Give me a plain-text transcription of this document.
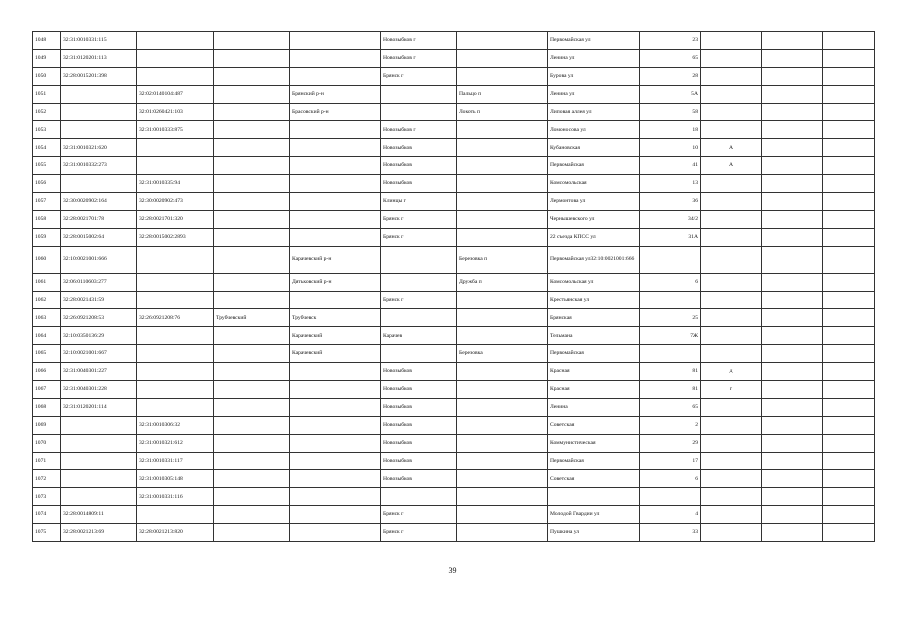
1048	32:31:0010331:115				Новозыбков г		Первомайская ул	23			
1049	32:31:0120201:113				Новозыбков г		Ленина ул	65			
1050	32:28:0015201:398				Брянск г		Бурова ул	28			
1051		32:02:0140104:487		Брянский р-н		Пальцо п	Ленина ул	5А			
1052		32:01:0260421:103		Брасовский р-н		Локоть п	Липовая аллея ул	58			
1053		32:31:0010333:875			Новозыбков г		Ломоносова ул	18			
1054	32:31:0010321:620				Новозыбков		Кубановская	10	А		
1055	32:31:0010332:273				Новозыбков		Первомайская	41	А		
1056		32:31:0010335:94			Новозыбков		Комсомольская	13			
1057	32:30:0020902:164	32:30:0020902:473			Клинцы г		Лермонтова ул	36			
1058	32:28:0021701:78	32:28:0021701:320			Брянск г		Чернышевского ул	34/2			
1059	32:28:0015002:64	32:28:0015002:2893			Брянск г		22 съезда КПСС ул	31А			
1060	32:10:0021001:666			Карачевский р-н		Березовка п	Первомайская ул32:10:0021001:666				
1061	32:06:0110603:277			Дятьковский р-н		Дружба п	Комсомольская ул	6			
1062	32:28:0021431:59				Брянск г		Крестьянская ул				
1063	32:26:0921208:53	32:26:0921208:76	Трубчевский	Трубчевск			Брянская	25			
1064	32:10:0350136:29			Карачевский	Карачев		Тельмана	7Ж			
1065	32:10:0021001:667			Карачевский		Березовка	Первомайская				
1066	32:31:0040301:227				Новозыбков		Красная	81	д		
1067	32:31:0040301:228				Новозыбков		Красная	81	г		
1068	32:31:0120201:114				Новозыбков		Ленина	65			
1069		32:31:0010306:32			Новозыбков		Советская	2			
1070		32:31:0010321:612			Новозыбков		Коммунистическая	29			
1071		32:31:0010331:117			Новозыбков		Первомайская	17			
1072		32:31:0010305:148			Новозыбков		Советская	6			
1073		32:31:0010331:116									
1074	32:28:0014809:11				Брянск г		Молодой Гвардии ул	4			
1075	32:28:0021213:69	32:28:0021213:820			Брянск г		Пушкина ул	33			
39
